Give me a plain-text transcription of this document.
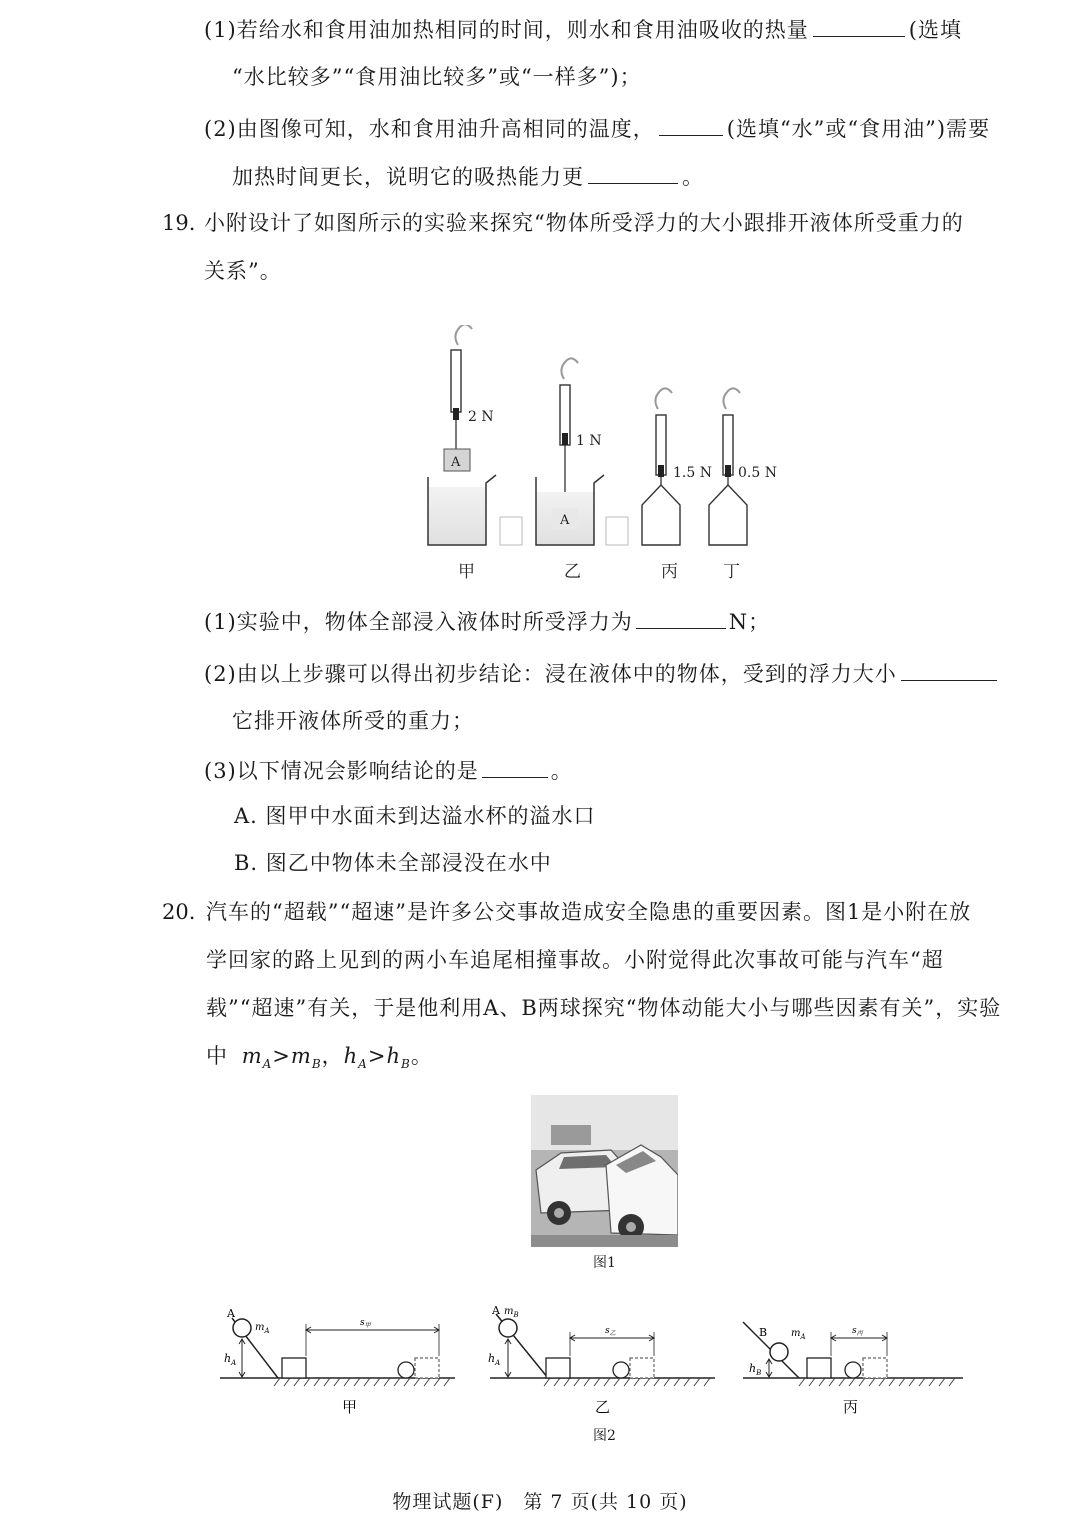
(1)若给水和食用油加热相同的时间，则水和食用油吸收的热量	(选填
“水比较多”“食用油比较多”或“一样多”)；
(2)由图像可知，水和食用油升高相同的温度，	(选填“水”或“食用油”)需要
加热时间更长，说明它的吸热能力更	。
19. 小附设计了如图所示的实验来探究“物体所受浮力的大小跟排开液体所受重力的
关系”。
2 N
A
1 N
A
1.5 N 0.5 N
甲	乙	丙	丁
(1)实验中，物体全部浸入液体时所受浮力为	N；
(2)由以上步骤可以得出初步结论：浸在液体中的物体，受到的浮力大小
它排开液体所受的重力；
(3)以下情况会影响结论的是	。
A. 图甲中水面未到达溢水杯的溢水口
B. 图乙中物体未全部浸没在水中
20. 汽车的“超载”“超速”是许多公交事故造成安全隐患的重要因素。图1是小附在放
学回家的路上见到的两小车追尾相撞事故。小附觉得此次事故可能与汽车“超
载”“超速”有关，于是他利用A、B两球探究“物体动能大小与哪些因素有关”，实验
中 $m_A>m_B$，$h_A>h_B$。
图1
A
$m_A$
$h_A$
$s_甲$
甲
A $m_B$
$h_A$
$s_乙$
乙
B $m_A$
$h_B$
$s_丙$
丙
图2
物理试题(F)　第 7 页(共 10 页)
